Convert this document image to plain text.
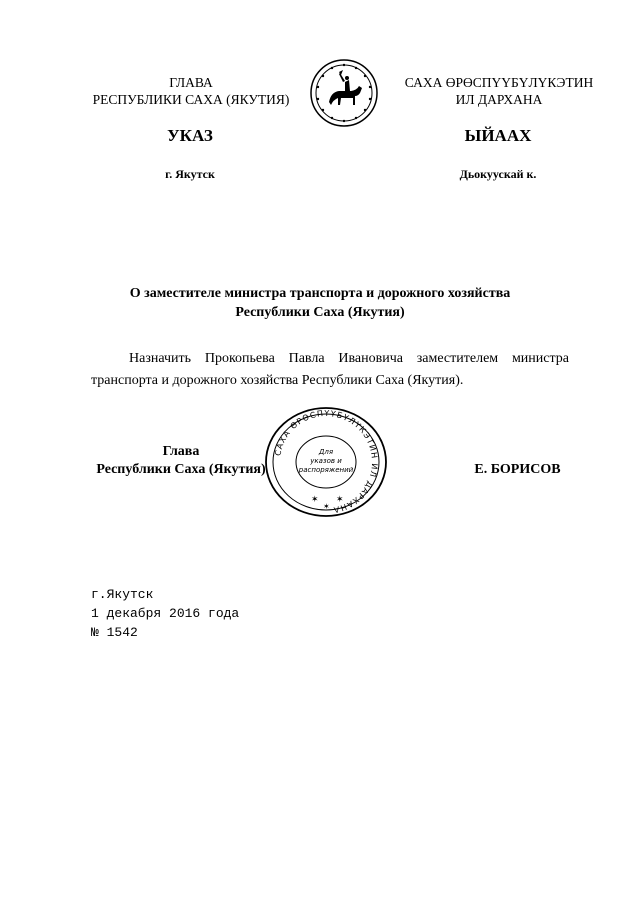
ГЛАВА
РЕСПУБЛИКИ САХА (ЯКУТИЯ)
САХА ӨРӨСПҮҮБҮЛҮКЭТИН
ИЛ ДАРХАНА
УКАЗ	ЫЙААХ
г. Якутск	Дьокуускай к.
О заместителе министра транспорта и дорожного хозяйства
Республики Саха (Якутия)
Назначить Прокопьева Павла Ивановича заместителем министра транспорта и дорожного хозяйства Республики Саха (Якутия).
Глава
Республики Саха (Якутия)
САХА ӨРӨСПҮҮБҮЛҮКЭТИН ИЛ ДАРХАНА
Для
указов и
распоряжений
✶ ✶
✶
Е. БОРИСОВ
г.Якутск
1 декабря 2016 года
№ 1542
